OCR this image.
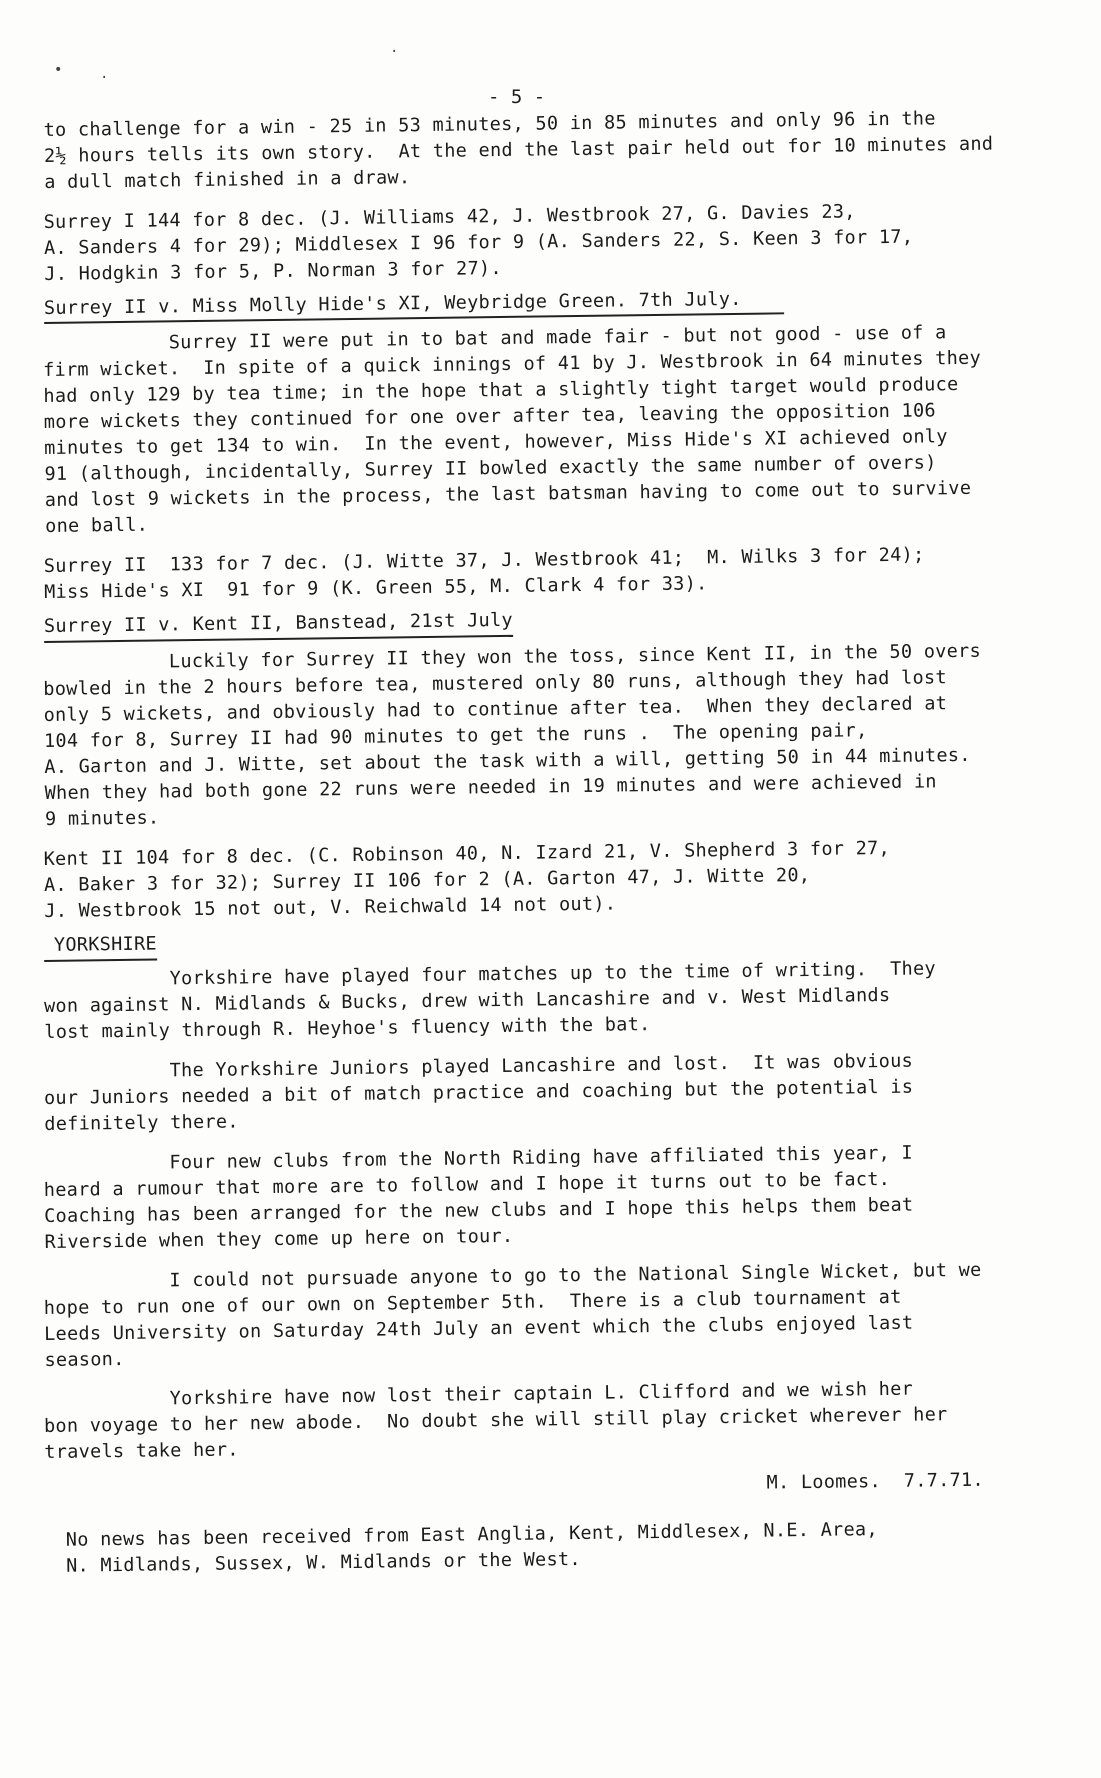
•	·
·
- 5 -

to challenge for a win - 25 in 53 minutes, 50 in 85 minutes and only 96 in the
2½ hours tells its own story.  At the end the last pair held out for 10 minutes and
a dull match finished in a draw.

Surrey I 144 for 8 dec. (J. Williams 42, J. Westbrook 27, G. Davies 23,
A. Sanders 4 for 29); Middlesex I 96 for 9 (A. Sanders 22, S. Keen 3 for 17,
J. Hodgkin 3 for 5, P. Norman 3 for 27).

Surrey II v. Miss Molly Hide's XI, Weybridge Green. 7th July.

Surrey II were put in to bat and made fair - but not good - use of a
firm wicket.  In spite of a quick innings of 41 by J. Westbrook in 64 minutes they
had only 129 by tea time; in the hope that a slightly tight target would produce
more wickets they continued for one over after tea, leaving the opposition 106
minutes to get 134 to win.  In the event, however, Miss Hide's XI achieved only
91 (although, incidentally, Surrey II bowled exactly the same number of overs)
and lost 9 wickets in the process, the last batsman having to come out to survive
one ball.

Surrey II  133 for 7 dec. (J. Witte 37, J. Westbrook 41;  M. Wilks 3 for 24);
Miss Hide's XI  91 for 9 (K. Green 55, M. Clark 4 for 33).

Surrey II v. Kent II, Banstead, 21st July

Luckily for Surrey II they won the toss, since Kent II, in the 50 overs
bowled in the 2 hours before tea, mustered only 80 runs, although they had lost
only 5 wickets, and obviously had to continue after tea.  When they declared at
104 for 8, Surrey II had 90 minutes to get the runs .  The opening pair,
A. Garton and J. Witte, set about the task with a will, getting 50 in 44 minutes.
When they had both gone 22 runs were needed in 19 minutes and were achieved in
9 minutes.

Kent II 104 for 8 dec. (C. Robinson 40, N. Izard 21, V. Shepherd 3 for 27,
A. Baker 3 for 32); Surrey II 106 for 2 (A. Garton 47, J. Witte 20,
J. Westbrook 15 not out, V. Reichwald 14 not out).

YORKSHIRE

Yorkshire have played four matches up to the time of writing.  They
won against N. Midlands & Bucks, drew with Lancashire and v. West Midlands
lost mainly through R. Heyhoe's fluency with the bat.

The Yorkshire Juniors played Lancashire and lost.  It was obvious
our Juniors needed a bit of match practice and coaching but the potential is
definitely there.

Four new clubs from the North Riding have affiliated this year, I
heard a rumour that more are to follow and I hope it turns out to be fact.
Coaching has been arranged for the new clubs and I hope this helps them beat
Riverside when they come up here on tour.

I could not pursuade anyone to go to the National Single Wicket, but we
hope to run one of our own on September 5th.  There is a club tournament at
Leeds University on Saturday 24th July an event which the clubs enjoyed last
season.

Yorkshire have now lost their captain L. Clifford and we wish her
bon voyage to her new abode.  No doubt she will still play cricket wherever her
travels take her.

M. Loomes.  7.7.71.

No news has been received from East Anglia, Kent, Middlesex, N.E. Area,
N. Midlands, Sussex, W. Midlands or the West.
